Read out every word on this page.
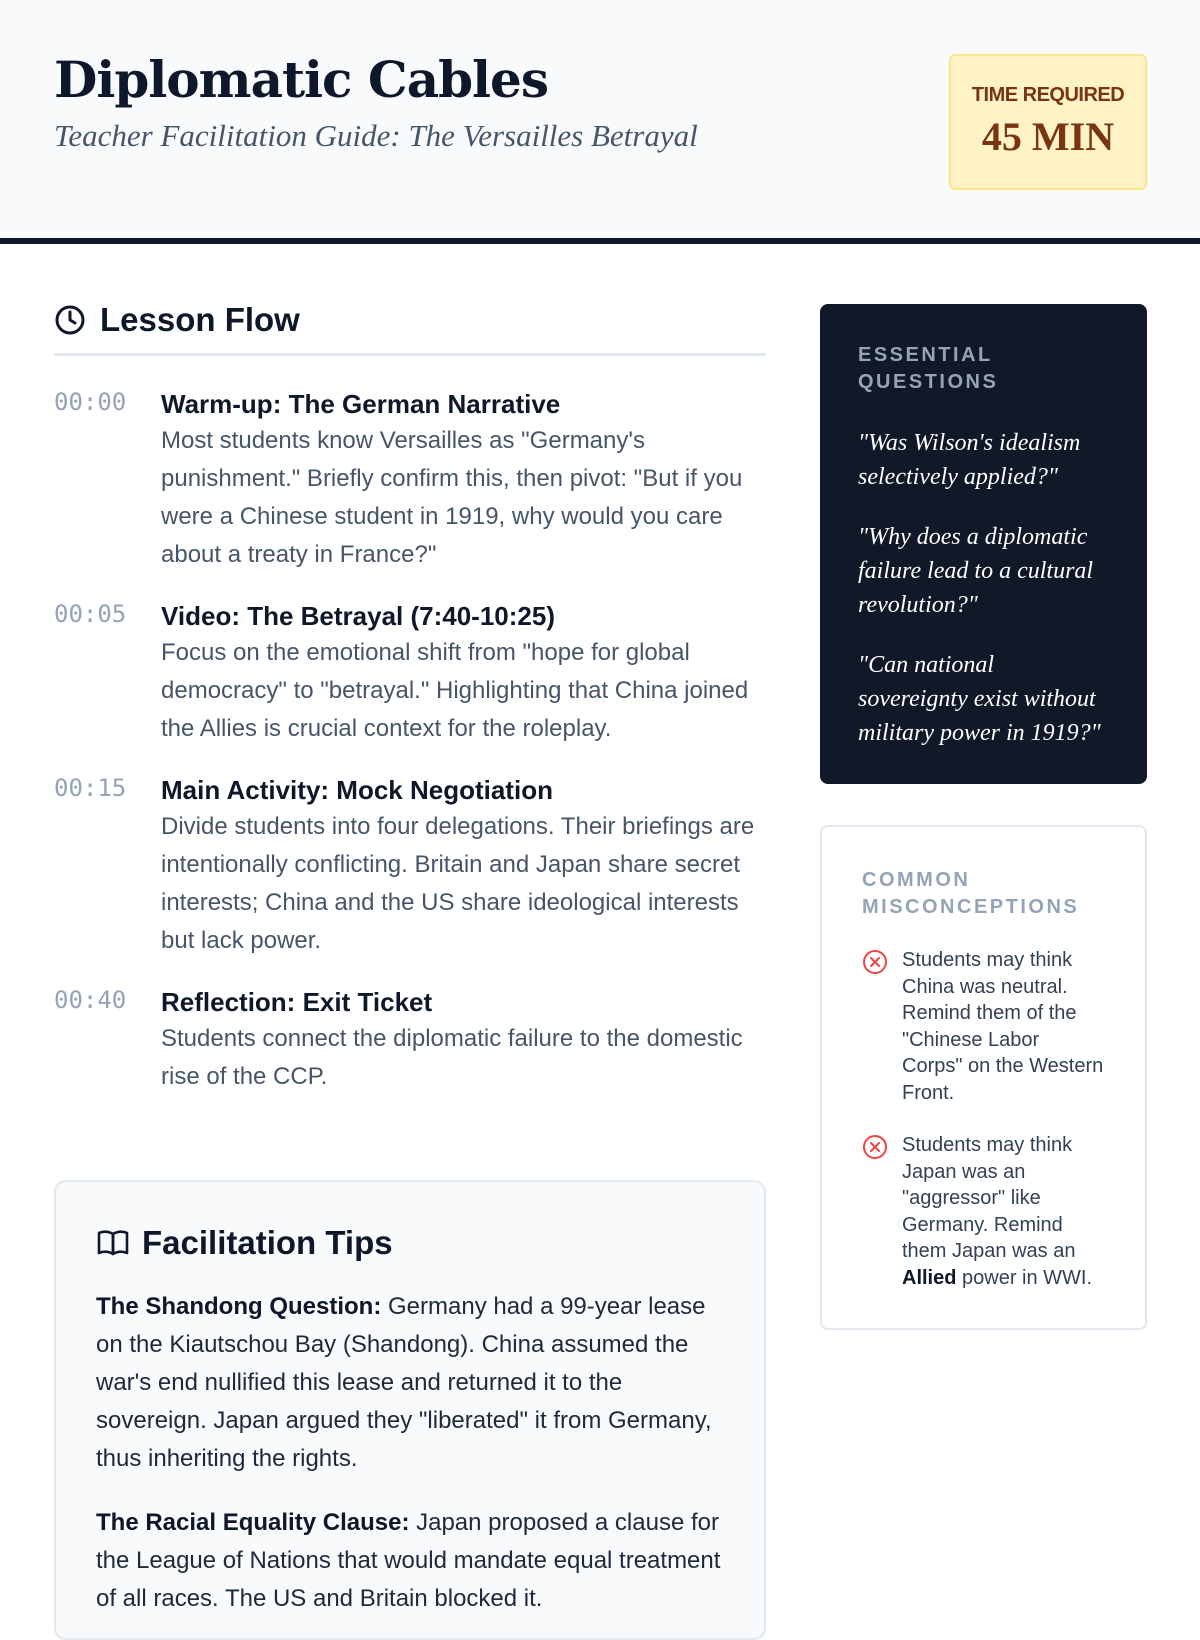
Diplomatic Cables
Teacher Facilitation Guide: The Versailles Betrayal
TIME REQUIRED
45 MIN
Lesson Flow
00:00	Warm-up: The German Narrative
Most students know Versailles as "Germany's punishment." Briefly confirm this, then pivot: "But if you were a Chinese student in 1919, why would you care about a treaty in France?"
00:05	Video: The Betrayal (7:40-10:25)
Focus on the emotional shift from "hope for global democracy" to "betrayal." Highlighting that China joined the Allies is crucial context for the roleplay.
00:15	Main Activity: Mock Negotiation
Divide students into four delegations. Their briefings are intentionally conflicting. Britain and Japan share secret interests; China and the US share ideological interests but lack power.
00:40	Reflection: Exit Ticket
Students connect the diplomatic failure to the domestic rise of the CCP.
Facilitation Tips

The Shandong Question: Germany had a 99-year lease on the Kiautschou Bay (Shandong). China assumed the war's end nullified this lease and returned it to the sovereign. Japan argued they "liberated" it from Germany, thus inheriting the rights.

The Racial Equality Clause: Japan proposed a clause for the League of Nations that would mandate equal treatment of all races. The US and Britain blocked it.

ESSENTIAL QUESTIONS

"Was Wilson's idealism selectively applied?"

"Why does a diplomatic failure lead to a cultural revolution?"

"Can national sovereignty exist without military power in 1919?"

COMMON MISCONCEPTIONS
Students may think China was neutral. Remind them of the "Chinese Labor Corps" on the Western Front.
Students may think Japan was an "aggressor" like Germany. Remind them Japan was an Allied power in WWI.
